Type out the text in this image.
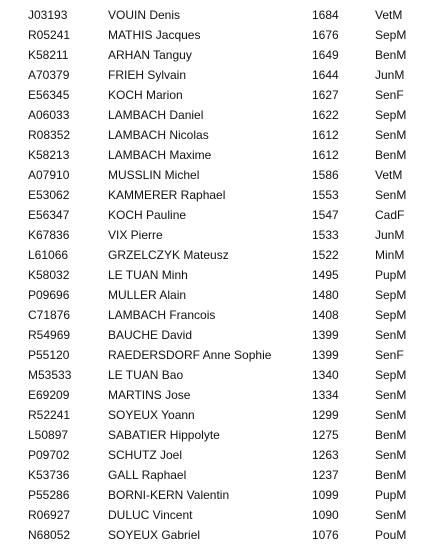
J03193	VOUIN Denis	1684	VetM
R05241	MATHIS Jacques	1676	SepM
K58211	ARHAN Tanguy	1649	BenM
A70379	FRIEH Sylvain	1644	JunM
E56345	KOCH Marion	1627	SenF
A06033	LAMBACH Daniel	1622	SepM
R08352	LAMBACH Nicolas	1612	SenM
K58213	LAMBACH Maxime	1612	BenM
A07910	MUSSLIN Michel	1586	VetM
E53062	KAMMERER Raphael	1553	SenM
E56347	KOCH Pauline	1547	CadF
K67836	VIX Pierre	1533	JunM
L61066	GRZELCZYK Mateusz	1522	MinM
K58032	LE TUAN Minh	1495	PupM
P09696	MULLER Alain	1480	SepM
C71876	LAMBACH Francois	1408	SepM
R54969	BAUCHE David	1399	SenM
P55120	RAEDERSDORF Anne Sophie	1399	SenF
M53533	LE TUAN Bao	1340	SepM
E69209	MARTINS Jose	1334	SenM
R52241	SOYEUX Yoann	1299	SenM
L50897	SABATIER Hippolyte	1275	BenM
P09702	SCHUTZ Joel	1263	SenM
K53736	GALL Raphael	1237	BenM
P55286	BORNI-KERN Valentin	1099	PupM
R06927	DULUC Vincent	1090	SenM
N68052	SOYEUX Gabriel	1076	PouM
